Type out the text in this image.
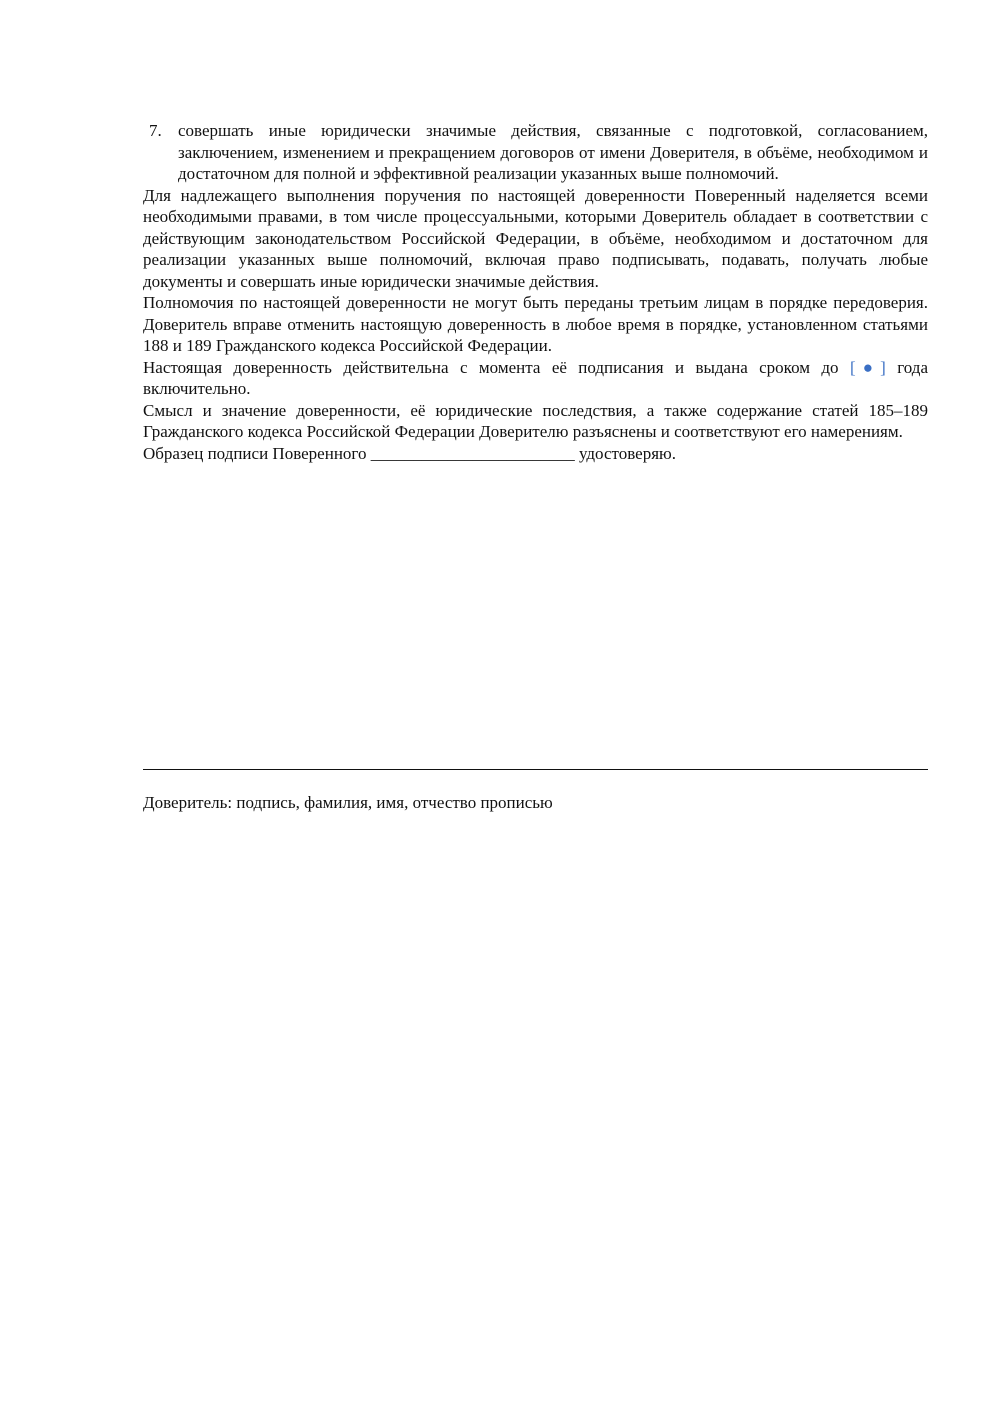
7. совершать иные юридически значимые действия, связанные с подготовкой, согласованием, заключением, изменением и прекращением договоров от имени Доверителя, в объёме, необходимом и достаточном для полной и эффективной реализации указанных выше полномочий.

Для надлежащего выполнения поручения по настоящей доверенности Поверенный наделяется всеми необходимыми правами, в том числе процессуальными, которыми Доверитель обладает в соответствии с действующим законодательством Российской Федерации, в объёме, необходимом и достаточном для реализации указанных выше полномочий, включая право подписывать, подавать, получать любые документы и совершать иные юридически значимые действия.

Полномочия по настоящей доверенности не могут быть переданы третьим лицам в порядке передоверия. Доверитель вправе отменить настоящую доверенность в любое время в порядке, установленном статьями 188 и 189 Гражданского кодекса Российской Федерации.

Настоящая доверенность действительна с момента её подписания и выдана сроком до [●] года включительно.

Смысл и значение доверенности, её юридические последствия, а также содержание статей 185–189 Гражданского кодекса Российской Федерации Доверителю разъяснены и соответствуют его намерениям.

Образец подписи Поверенного ________________________ удостоверяю.

Доверитель: подпись, фамилия, имя, отчество прописью
